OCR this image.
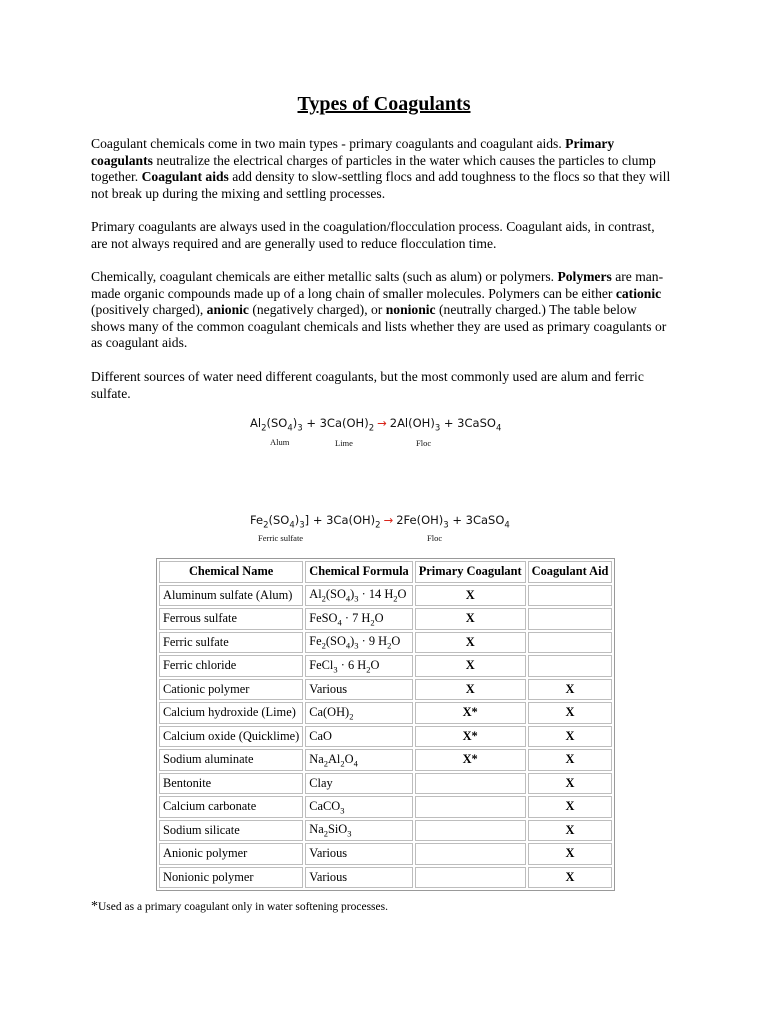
Types of Coagulants

Coagulant chemicals come in two main types - primary coagulants and coagulant aids. Primary coagulants neutralize the electrical charges of particles in the water which causes the particles to clump together. Coagulant aids add density to slow-settling flocs and add toughness to the flocs so that they will not break up during the mixing and settling processes.

Primary coagulants are always used in the coagulation/flocculation process. Coagulant aids, in contrast, are not always required and are generally used to reduce flocculation time.

Chemically, coagulant chemicals are either metallic salts (such as alum) or polymers. Polymers are man-made organic compounds made up of a long chain of smaller molecules. Polymers can be either cationic (positively charged), anionic (negatively charged), or nonionic (neutrally charged.) The table below shows many of the common coagulant chemicals and lists whether they are used as primary coagulants or as coagulant aids.

Different sources of water need different coagulants, but the most commonly used are alum and ferric sulfate.

$Al_2(SO_4)_3 + 3Ca(OH)_2 \to 2Al(OH)_3$ + 3CaSO$_4$
Alum	Lime	Floc
$Fe_2(SO_4)_3] + 3Ca(OH)_2 \to 2Fe(OH)_3$ + 3CaSO$_4$
Ferric sulfate	Floc
Chemical Name	Chemical Formula	Primary Coagulant	Coagulant Aid
Aluminum sulfate (Alum)	$Al_2(SO_4)_3 \cdot 14$ $H_2O$	X	
Ferrous sulfate	FeSO$_4$ · 7 $H_2O$	X	
Ferric sulfate	$Fe_2(SO_4)_3 \cdot 9$ $H_2O$	X	
Ferric chloride	FeCl$_3$ · 6 $H_2O$	X	
Cationic polymer	Various	X	X
Calcium hydroxide (Lime)	$Ca(OH)_2$	X*	X
Calcium oxide (Quicklime)	CaO	X*	X
Sodium aluminate	$Na_2Al_2O_4$	X*	X
Bentonite	Clay		X
Calcium carbonate	CaCO$_3$		X
Sodium silicate	$Na_2SiO_3$		X
Anionic polymer	Various		X
Nonionic polymer	Various		X

*Used as a primary coagulant only in water softening processes.
